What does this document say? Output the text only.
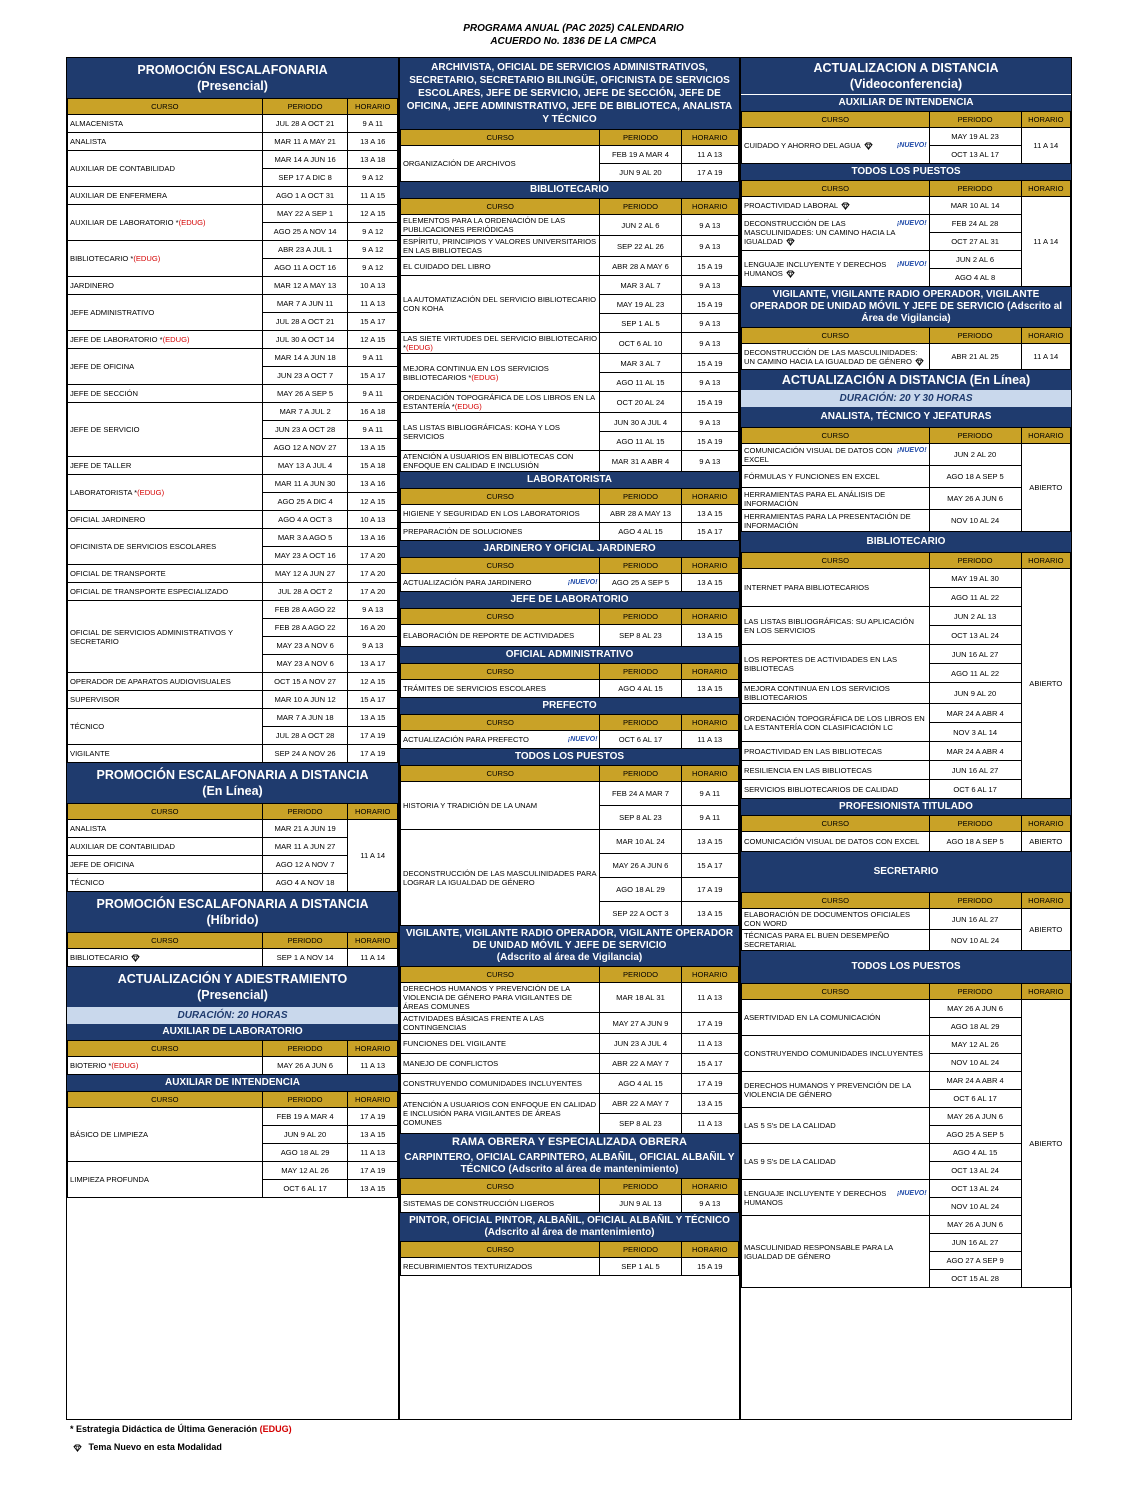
PROGRAMA ANUAL (PAC 2025) CALENDARIO
ACUERDO No. 1836 DE LA CMPCA
PROMOCIÓN ESCALAFONARIA
(Presencial)
CURSO	PERIODO	HORARIO
ALMACENISTA	JUL 28 A OCT 21	9 A 11
ANALISTA	MAR 11 A MAY 21	13 A 16
AUXILIAR DE CONTABILIDAD	MAR 14 A JUN 16	13 A 18
	SEP 17 A DIC 8	9 A 12
AUXILIAR DE ENFERMERA	AGO 1 A OCT 31	11 A 15
AUXILIAR DE LABORATORIO *(EDUG)	MAY 22 A SEP 1	12 A 15
	AGO 25 A NOV 14	9 A 12
BIBLIOTECARIO *(EDUG)	ABR 23 A JUL 1	9 A 12
	AGO 11 A OCT 16	9 A 12
JARDINERO	MAR 12 A MAY 13	10 A 13
JEFE ADMINISTRATIVO	MAR 7 A JUN 11	11 A 13
	JUL 28 A OCT 21	15 A 17
JEFE DE LABORATORIO *(EDUG)	JUL 30 A OCT 14	12 A 15
JEFE DE OFICINA	MAR 14 A JUN 18	9 A 11
	JUN 23 A OCT 7	15 A 17
JEFE DE SECCIÓN	MAY 26 A SEP 5	9 A 11
JEFE DE SERVICIO	MAR 7 A JUL 2	16 A 18
	JUN 23 A OCT 28	9 A 11
	AGO 12 A NOV 27	13 A 15
JEFE DE TALLER	MAY 13 A JUL 4	15 A 18
LABORATORISTA *(EDUG)	MAR 11 A JUN 30	13 A 16
	AGO 25 A DIC 4	12 A 15
OFICIAL JARDINERO	AGO 4 A OCT 3	10 A 13
OFICINISTA DE SERVICIOS ESCOLARES	MAR 3 A AGO 5	13 A 16
	MAY 23 A OCT 16	17 A 20
OFICIAL DE TRANSPORTE	MAY 12 A JUN 27	17 A 20
OFICIAL DE TRANSPORTE ESPECIALIZADO	JUL 28 A OCT 2	17 A 20
OFICIAL DE SERVICIOS ADMINISTRATIVOS Y SECRETARIO	FEB 28 A AGO 22	9 A 13
	FEB 28 A AGO 22	16 A 20
	MAY 23 A NOV 6	9 A 13
	MAY 23 A NOV 6	13 A 17
OPERADOR DE APARATOS AUDIOVISUALES	OCT 15 A NOV 27	12 A 15
SUPERVISOR	MAR 10 A JUN 12	15 A 17
TÉCNICO	MAR 7 A JUN 18	13 A 15
	JUL 28 A OCT 28	17 A 19
VIGILANTE	SEP 24 A NOV 26	17 A 19
PROMOCIÓN ESCALAFONARIA A DISTANCIA
(En Línea)
CURSO	PERIODO	HORARIO
ANALISTA	MAR 21 A JUN 19	11 A 14
AUXILIAR DE CONTABILIDAD	MAR 11 A JUN 27	
JEFE DE OFICINA	AGO 12 A NOV 7	
TÉCNICO	AGO 4 A NOV 18	
PROMOCIÓN ESCALAFONARIA A DISTANCIA
(Híbrido)
CURSO	PERIODO	HORARIO
BIBLIOTECARIO	SEP 1 A NOV 14	11 A 14
ACTUALIZACIÓN Y ADIESTRAMIENTO
(Presencial)
DURACIÓN: 20 HORAS
AUXILIAR DE LABORATORIO
CURSO	PERIODO	HORARIO
BIOTERIO *(EDUG)	MAY 26 A JUN 6	11 A 13
AUXILIAR DE INTENDENCIA
CURSO	PERIODO	HORARIO
BÁSICO DE LIMPIEZA	FEB 19 A MAR 4	17 A 19
	JUN 9 AL 20	13 A 15
	AGO 18 AL 29	11 A 13
LIMPIEZA PROFUNDA	MAY 12 AL 26	17 A 19
	OCT 6 AL 17	13 A 15
ARCHIVISTA, OFICIAL DE SERVICIOS ADMINISTRATIVOS, SECRETARIO, SECRETARIO BILINGÜE, OFICINISTA DE SERVICIOS ESCOLARES, JEFE DE SERVICIO, JEFE DE SECCIÓN, JEFE DE OFICINA, JEFE ADMINISTRATIVO, JEFE DE BIBLIOTECA, ANALISTA Y TÉCNICO
CURSO	PERIODO	HORARIO
ORGANIZACIÓN DE ARCHIVOS	FEB 19 A MAR 4	11 A 13
	JUN 9 AL 20	17 A 19
BIBLIOTECARIO
CURSO	PERIODO	HORARIO
ELEMENTOS PARA LA ORDENACIÓN DE LAS PUBLICACIONES PERIÓDICAS	JUN 2 AL 6	9 A 13
ESPÍRITU, PRINCIPIOS Y VALORES UNIVERSITARIOS EN LAS BIBLIOTECAS	SEP 22 AL 26	9 A 13
EL CUIDADO DEL LIBRO	ABR 28 A MAY 6	15 A 19
LA AUTOMATIZACIÓN DEL SERVICIO BIBLIOTECARIO CON KOHA	MAR 3 AL 7	9 A 13
	MAY 19 AL 23	15 A 19
	SEP 1 AL 5	9 A 13
LAS SIETE VIRTUDES DEL SERVICIO BIBLIOTECARIO *(EDUG)	OCT 6 AL 10	9 A 13
MEJORA CONTINUA EN LOS SERVICIOS BIBLIOTECARIOS *(EDUG)	MAR 3 AL 7	15 A 19
	AGO 11 AL 15	9 A 13
ORDENACIÓN TOPOGRÁFICA DE LOS LIBROS EN LA ESTANTERÍA *(EDUG)	OCT 20 AL 24	15 A 19
LAS LISTAS BIBLIOGRÁFICAS: KOHA Y LOS SERVICIOS	JUN 30 A JUL 4	9 A 13
	AGO 11 AL 15	15 A 19
ATENCIÓN A USUARIOS EN BIBLIOTECAS CON ENFOQUE EN CALIDAD E INCLUSIÓN	MAR 31 A ABR 4	9 A 13
LABORATORISTA
CURSO	PERIODO	HORARIO
HIGIENE Y SEGURIDAD EN LOS LABORATORIOS	ABR 28 A MAY 13	13 A 15
PREPARACIÓN DE SOLUCIONES	AGO 4 AL 15	15 A 17
JARDINERO Y OFICIAL JARDINERO
CURSO	PERIODO	HORARIO

¡NUEVO!
ACTUALIZACIÓN PARA JARDINERO	AGO 25 A SEP 5	13 A 15
JEFE DE LABORATORIO
CURSO	PERIODO	HORARIO
ELABORACIÓN DE REPORTE DE ACTIVIDADES	SEP 8 AL 23	13 A 15
OFICIAL ADMINISTRATIVO
CURSO	PERIODO	HORARIO
TRÁMITES DE SERVICIOS ESCOLARES	AGO 4 AL 15	13 A 15
PREFECTO
CURSO	PERIODO	HORARIO

¡NUEVO!
ACTUALIZACIÓN PARA PREFECTO	OCT 6 AL 17	11 A 13
TODOS LOS PUESTOS
CURSO	PERIODO	HORARIO
HISTORIA Y TRADICIÓN DE LA UNAM	FEB 24 A MAR 7	9 A 11
	SEP 8 AL 23	9 A 11
DECONSTRUCCIÓN DE LAS MASCULINIDADES PARA LOGRAR LA IGUALDAD DE GÉNERO	MAR 10 AL 24	13 A 15
	MAY 26 A JUN 6	15 A 17
	AGO 18 AL 29	17 A 19
	SEP 22 A OCT 3	13 A 15
VIGILANTE, VIGILANTE RADIO OPERADOR, VIGILANTE OPERADOR DE UNIDAD MÓVIL Y JEFE DE SERVICIO
(Adscrito al área de Vigilancia)
CURSO	PERIODO	HORARIO
DERECHOS HUMANOS Y PREVENCIÓN DE LA VIOLENCIA DE GÉNERO PARA VIGILANTES DE ÁREAS COMUNES	MAR 18 AL 31	11 A 13
ACTIVIDADES BÁSICAS FRENTE A LAS CONTINGENCIAS	MAY 27 A JUN 9	17 A 19
FUNCIONES DEL VIGILANTE	JUN 23 A JUL 4	11 A 13
MANEJO DE CONFLICTOS	ABR 22 A MAY 7	15 A 17
CONSTRUYENDO COMUNIDADES INCLUYENTES	AGO 4 AL 15	17 A 19
ATENCIÓN A USUARIOS CON ENFOQUE EN CALIDAD E INCLUSIÓN PARA VIGILANTES DE ÁREAS COMUNES	ABR 22 A MAY 7	13 A 15
	SEP 8 AL 23	11 A 13
RAMA OBRERA Y ESPECIALIZADA OBRERA
CARPINTERO, OFICIAL CARPINTERO, ALBAÑIL, OFICIAL ALBAÑIL Y TÉCNICO (Adscrito al área de mantenimiento)
CURSO	PERIODO	HORARIO
SISTEMAS DE CONSTRUCCIÓN LIGEROS	JUN 9 AL 13	9 A 13
PINTOR, OFICIAL PINTOR, ALBAÑIL, OFICIAL ALBAÑIL Y TÉCNICO (Adscrito al área de mantenimiento)
CURSO	PERIODO	HORARIO
RECUBRIMIENTOS TEXTURIZADOS	SEP 1 AL 5	15 A 19
ACTUALIZACION A DISTANCIA
(Videoconferencia)
AUXILIAR DE INTENDENCIA
CURSO	PERIODO	HORARIO

¡NUEVO!
CUIDADO Y AHORRO DEL AGUA	MAY 19 AL 23	11 A 14
	OCT 13 AL 17	
TODOS LOS PUESTOS
CURSO	PERIODO	HORARIO
PROACTIVIDAD LABORAL	MAR 10 AL 14	11 A 14

¡NUEVO!
DECONSTRUCCIÓN DE LAS MASCULINIDADES: UN CAMINO HACIA LA IGUALDAD	FEB 24 AL 28	
	OCT 27 AL 31	

¡NUEVO!
LENGUAJE INCLUYENTE Y DERECHOS HUMANOS	JUN 2 AL 6	
	AGO 4 AL 8	
VIGILANTE, VIGILANTE RADIO OPERADOR, VIGILANTE OPERADOR DE UNIDAD MÓVIL Y JEFE DE SERVICIO (Adscrito al Área de Vigilancia)
CURSO	PERIODO	HORARIO
DECONSTRUCCIÓN DE LAS MASCULINIDADES: UN CAMINO HACIA LA IGUALDAD DE GÉNERO	ABR 21 AL 25	11 A 14
ACTUALIZACIÓN A DISTANCIA (En Línea)
DURACIÓN: 20 Y 30 HORAS
ANALISTA, TÉCNICO Y JEFATURAS
CURSO	PERIODO	HORARIO

¡NUEVO!
COMUNICACIÓN VISUAL DE DATOS CON EXCEL	JUN 2 AL 20	ABIERTO
FÓRMULAS Y FUNCIONES EN EXCEL	AGO 18 A SEP 5	
HERRAMIENTAS PARA EL ANÁLISIS DE INFORMACIÓN	MAY 26 A JUN 6	
HERRAMIENTAS PARA LA PRESENTACIÓN DE INFORMACIÓN	NOV 10 AL 24	
BIBLIOTECARIO
CURSO	PERIODO	HORARIO
INTERNET PARA BIBLIOTECARIOS	MAY 19 AL 30	ABIERTO
	AGO 11 AL 22	
LAS LISTAS BIBLIOGRÁFICAS: SU APLICACIÓN EN LOS SERVICIOS	JUN 2 AL 13	
	OCT 13 AL 24	
LOS REPORTES DE ACTIVIDADES EN LAS BIBLIOTECAS	JUN 16 AL 27	
	AGO 11 AL 22	
MEJORA CONTINUA EN LOS SERVICIOS BIBLIOTECARIOS	JUN 9 AL 20	
ORDENACIÓN TOPOGRÁFICA DE LOS LIBROS EN LA ESTANTERÍA CON CLASIFICACIÓN LC	MAR 24 A ABR 4	
	NOV 3 AL 14	
PROACTIVIDAD EN LAS BIBLIOTECAS	MAR 24 A ABR 4	
RESILIENCIA EN LAS BIBLIOTECAS	JUN 16 AL 27	
SERVICIOS BIBLIOTECARIOS DE CALIDAD	OCT 6 AL 17	
PROFESIONISTA TITULADO
CURSO	PERIODO	HORARIO
COMUNICACIÓN VISUAL DE DATOS CON EXCEL	AGO 18 A SEP 5	ABIERTO
SECRETARIO
CURSO	PERIODO	HORARIO
ELABORACIÓN DE DOCUMENTOS OFICIALES CON WORD	JUN 16 AL 27	ABIERTO
TÉCNICAS PARA EL BUEN DESEMPEÑO SECRETARIAL	NOV 10 AL 24	
TODOS LOS PUESTOS
CURSO	PERIODO	HORARIO
ASERTIVIDAD EN LA COMUNICACIÓN	MAY 26 A JUN 6	ABIERTO
	AGO 18 AL 29	
CONSTRUYENDO COMUNIDADES INCLUYENTES	MAY 12 AL 26	
	NOV 10 AL 24	
DERECHOS HUMANOS Y PREVENCIÓN DE LA VIOLENCIA DE GÉNERO	MAR 24 A ABR 4	
	OCT 6 AL 17	
LAS 5 S's DE LA CALIDAD	MAY 26 A JUN 6	
	AGO 25 A SEP 5	
LAS 9 S's DE LA CALIDAD	AGO 4 AL 15	
	OCT 13 AL 24	

¡NUEVO!
LENGUAJE INCLUYENTE Y DERECHOS HUMANOS	OCT 13 AL 24	
	NOV 10 AL 24	
MASCULINIDAD RESPONSABLE PARA LA IGUALDAD DE GÉNERO	MAY 26 A JUN 6	
	JUN 16 AL 27	
	AGO 27 A SEP 9	
	OCT 15 AL 28	
* Estrategia Didáctica de Última Generación (EDUG)
Tema Nuevo en esta Modalidad
